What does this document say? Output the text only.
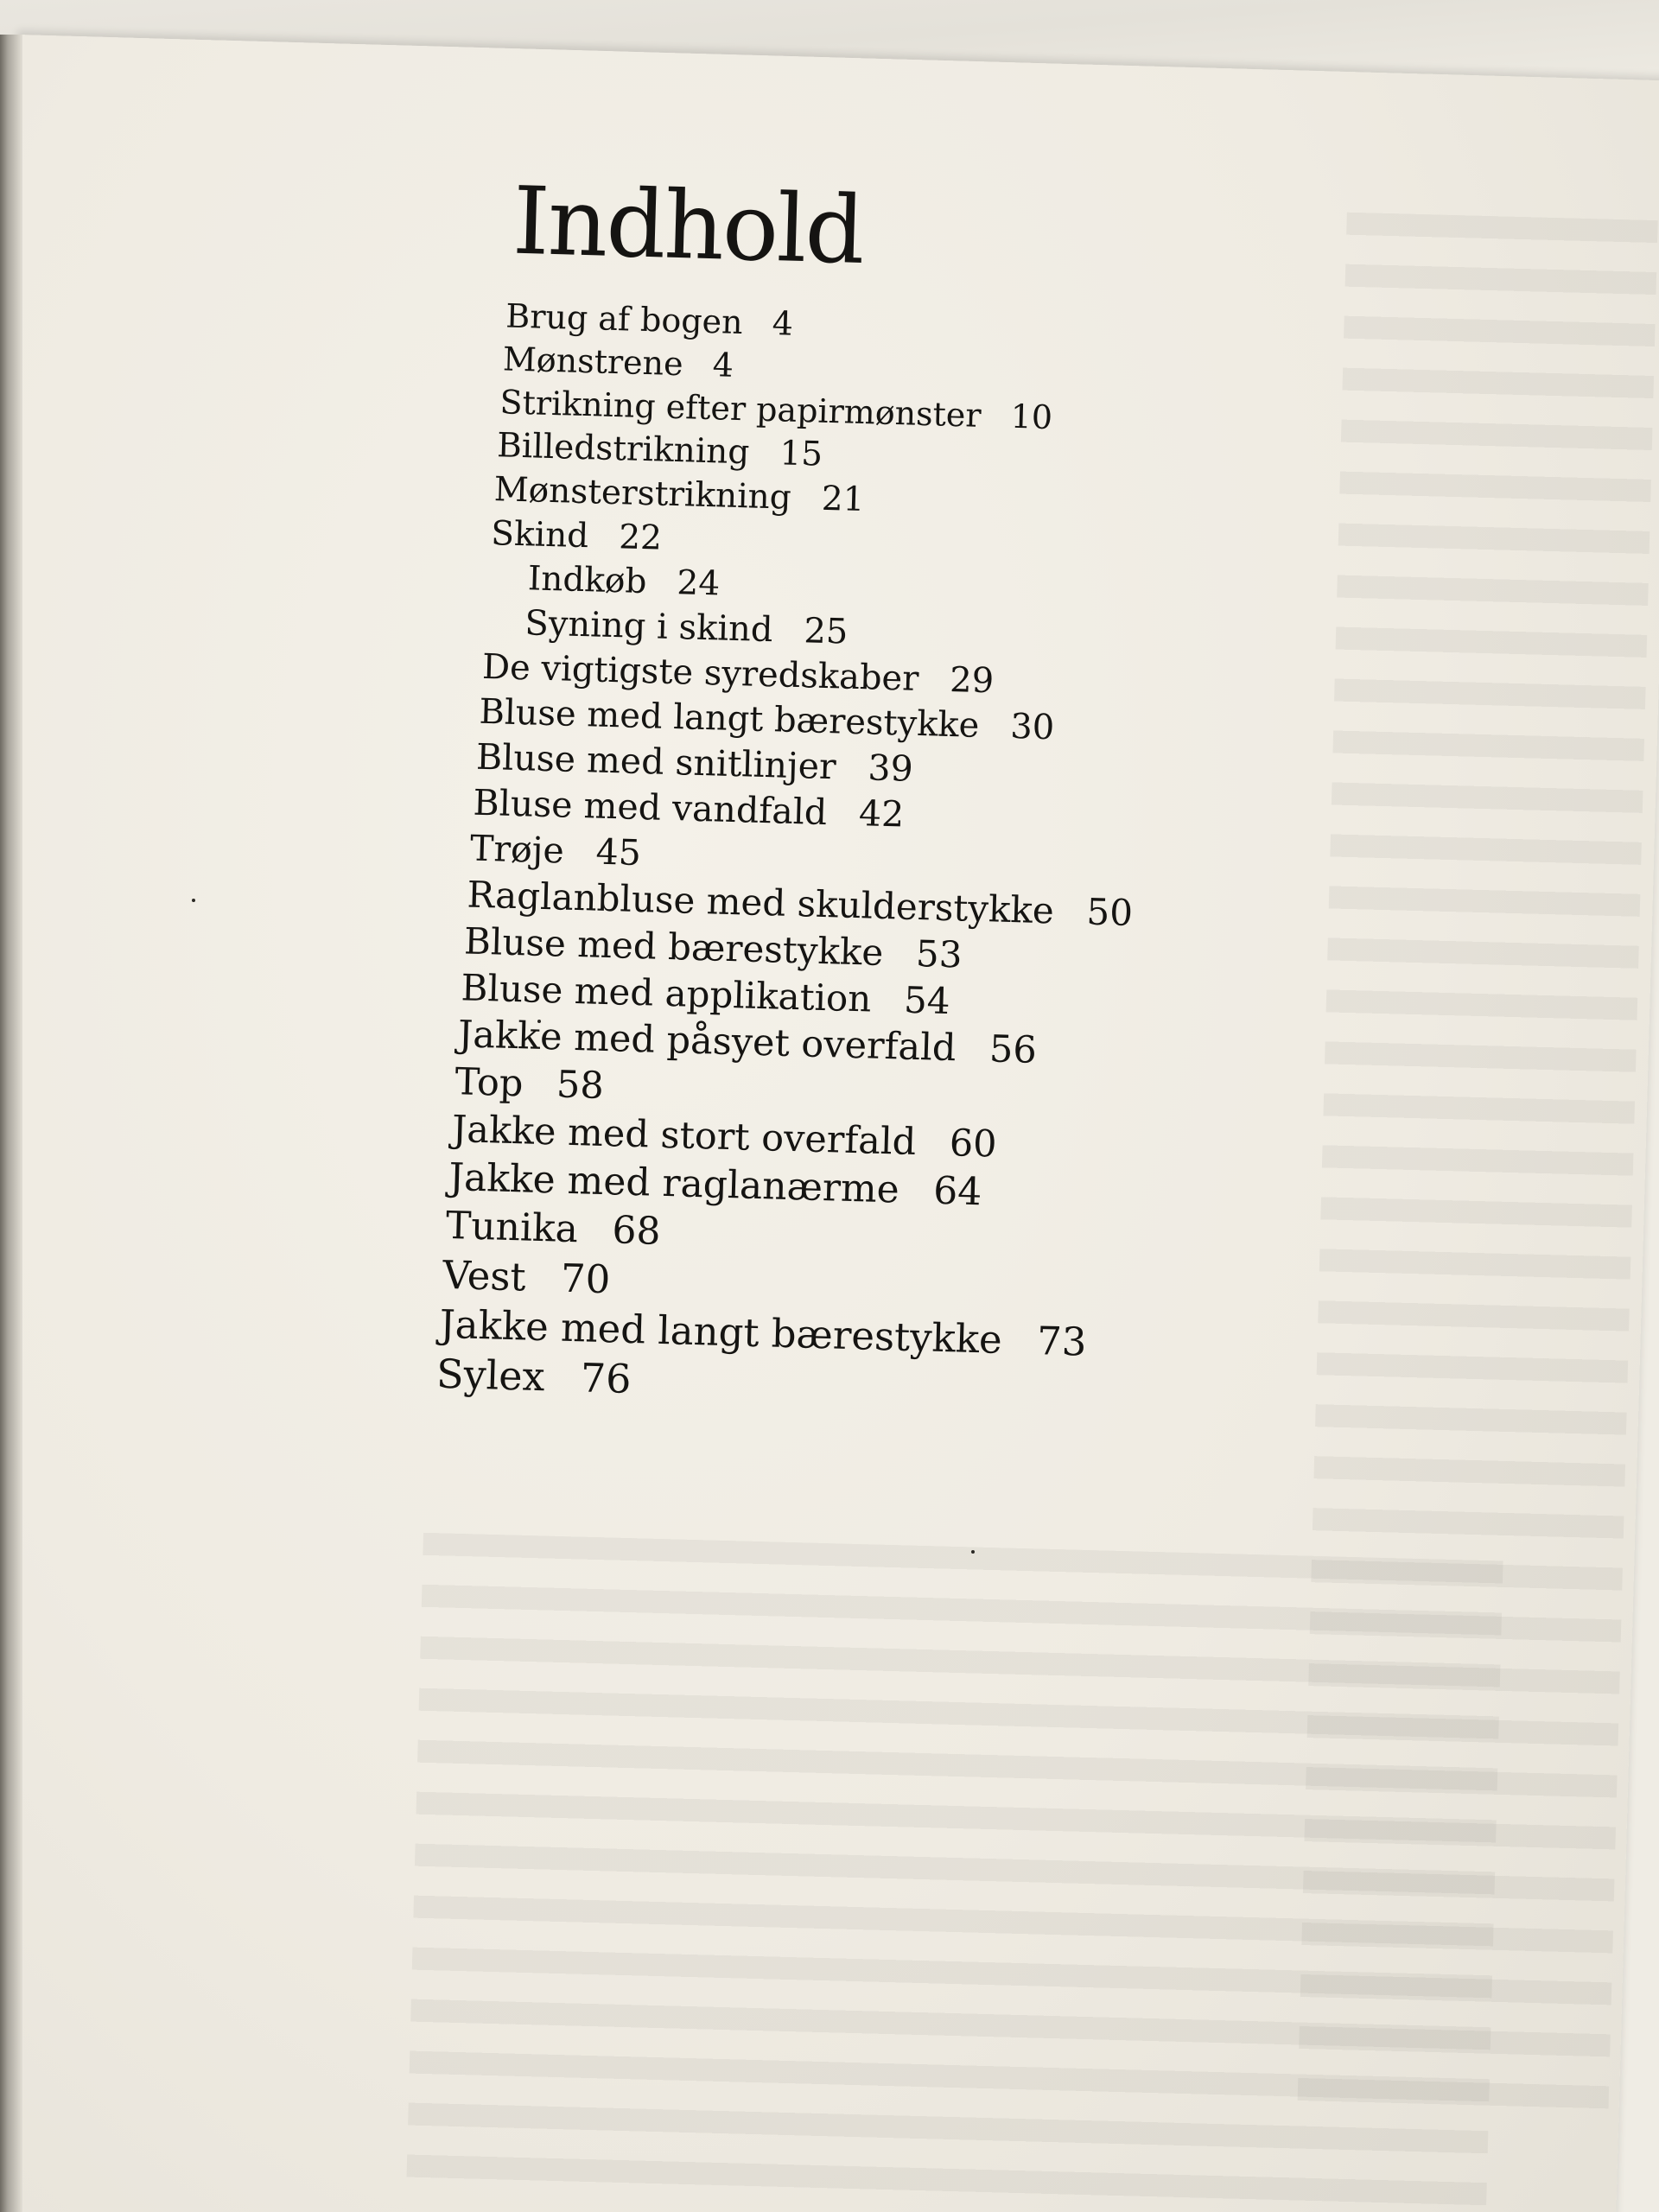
Indhold
Brug af bogen 4
Mønstrene 4
Strikning efter papirmønster 10
Billedstrikning 15
Mønsterstrikning 21
Skind 22
Indkøb 24
Syning i skind 25
De vigtigste syredskaber 29
Bluse med langt bærestykke 30
Bluse med snitlinjer 39
Bluse med vandfald 42
Trøje 45
Raglanbluse med skulderstykke 50
Bluse med bærestykke 53
Bluse med applikation 54
Jakke med påsyet overfald 56
Top 58
Jakke med stort overfald 60
Jakke med raglanærme 64
Tunika 68
Vest 70
Jakke med langt bærestykke 73
Sylex 76
